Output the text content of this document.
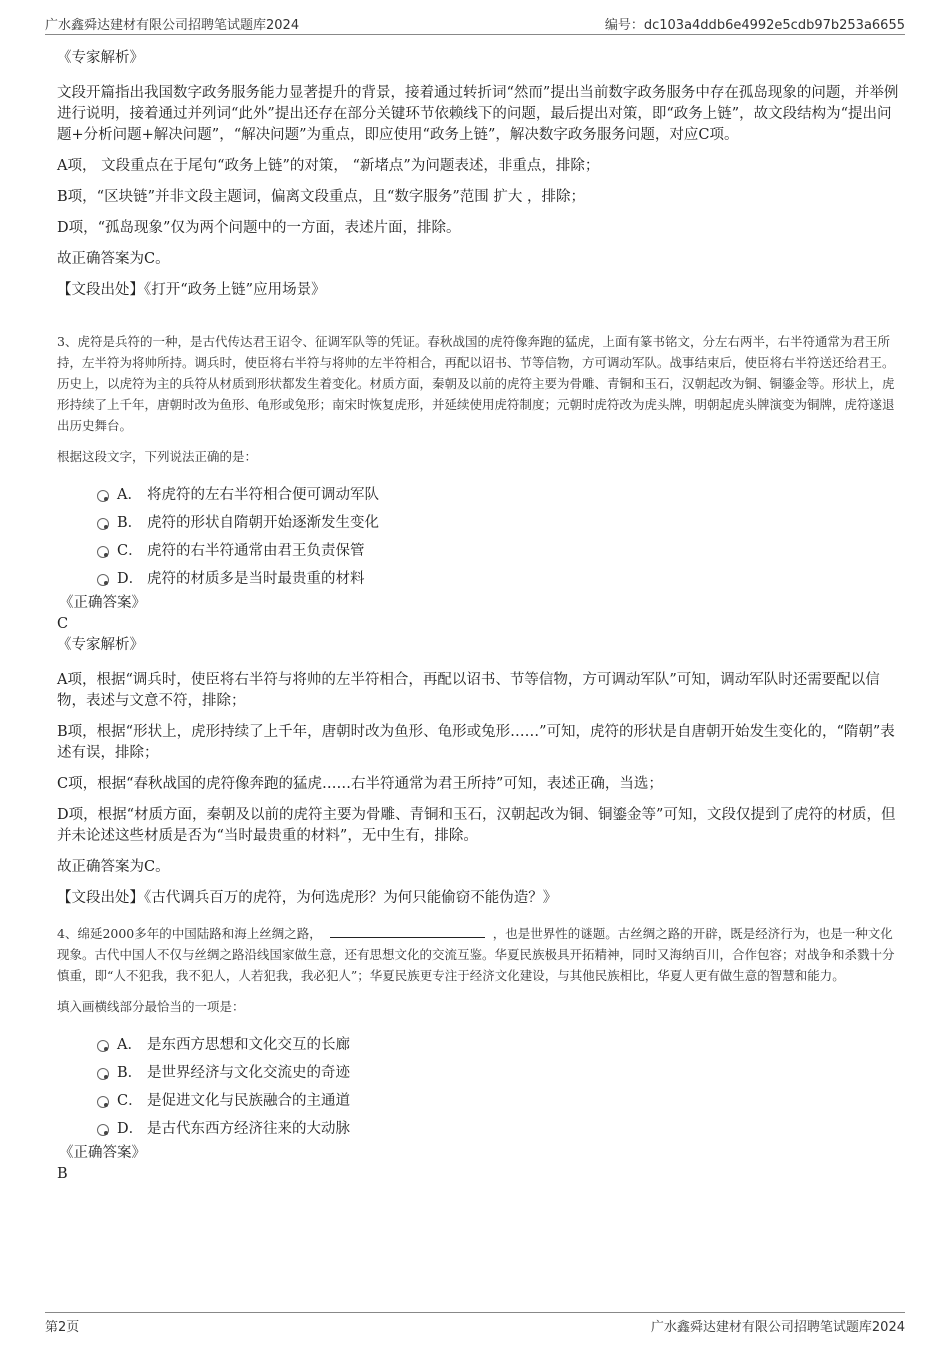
广水鑫舜达建材有限公司招聘笔试题库2024	编号：dc103a4ddb6e4992e5cdb97b253a6655

《专家解析》

文段开篇指出我国数字政务服务能力显著提升的背景，接着通过转折词“然而”提出当前数字政务服务中存在孤岛现象的问题，并举例进行说明，接着通过并列词“此外”提出还存在部分关键环节依赖线下的问题，最后提出对策，即“政务上链”，故文段结构为“提出问题+分析问题+解决问题”，“解决问题”为重点，即应使用“政务上链”，解决数字政务服务问题，对应C项。

A项， 文段重点在于尾句“政务上链”的对策， “新堵点”为问题表述，非重点，排除；

B项，“区块链”并非文段主题词，偏离文段重点，且“数字服务”范围 扩大 ，排除；

D项，“孤岛现象”仅为两个问题中的一方面，表述片面，排除。

故正确答案为C。

【文段出处】《打开“政务上链”应用场景》

3、虎符是兵符的一种，是古代传达君王诏令、征调军队等的凭证。春秋战国的虎符像奔跑的猛虎，上面有篆书铭文，分左右两半，右半符通常为君王所持，左半符为将帅所持。调兵时，使臣将右半符与将帅的左半符相合，再配以诏书、节等信物，方可调动军队。战事结束后，使臣将右半符送还给君王。历史上，以虎符为主的兵符从材质到形状都发生着变化。材质方面，秦朝及以前的虎符主要为骨雕、青铜和玉石，汉朝起改为铜、铜鎏金等。形状上，虎形持续了上千年，唐朝时改为鱼形、龟形或兔形；南宋时恢复虎形，并延续使用虎符制度；元朝时虎符改为虎头牌，明朝起虎头牌演变为铜牌，虎符遂退出历史舞台。

根据这段文字，下列说法正确的是：

A． 将虎符的左右半符相合便可调动军队
B． 虎符的形状自隋朝开始逐渐发生变化
C． 虎符的右半符通常由君王负责保管
D． 虎符的材质多是当时最贵重的材料

《正确答案》

C

《专家解析》

A项，根据“调兵时，使臣将右半符与将帅的左半符相合，再配以诏书、节等信物，方可调动军队”可知，调动军队时还需要配以信物，表述与文意不符，排除；

B项，根据“形状上，虎形持续了上千年，唐朝时改为鱼形、龟形或兔形……”可知，虎符的形状是自唐朝开始发生变化的，“隋朝”表述有误，排除；

C项，根据“春秋战国的虎符像奔跑的猛虎……右半符通常为君王所持”可知，表述正确，当选；

D项，根据“材质方面，秦朝及以前的虎符主要为骨雕、青铜和玉石，汉朝起改为铜、铜鎏金等”可知，文段仅提到了虎符的材质，但并未论述这些材质是否为“当时最贵重的材料”，无中生有，排除。

故正确答案为C。

【文段出处】《古代调兵百万的虎符，为何选虎形？为何只能偷窃不能伪造？》

4、绵延2000多年的中国陆路和海上丝绸之路，	，也是世界性的谜题。古丝绸之路的开辟，既是经济行为，也是一种文化现象。古代中国人不仅与丝绸之路沿线国家做生意，还有思想文化的交流互鉴。华夏民族极具开拓精神，同时又海纳百川，合作包容；对战争和杀戮十分慎重，即“人不犯我，我不犯人，人若犯我，我必犯人”；华夏民族更专注于经济文化建设，与其他民族相比，华夏人更有做生意的智慧和能力。

填入画横线部分最恰当的一项是：

A． 是东西方思想和文化交互的长廊
B． 是世界经济与文化交流史的奇迹
C． 是促进文化与民族融合的主通道
D． 是古代东西方经济往来的大动脉

《正确答案》

B

第2页	广水鑫舜达建材有限公司招聘笔试题库2024
